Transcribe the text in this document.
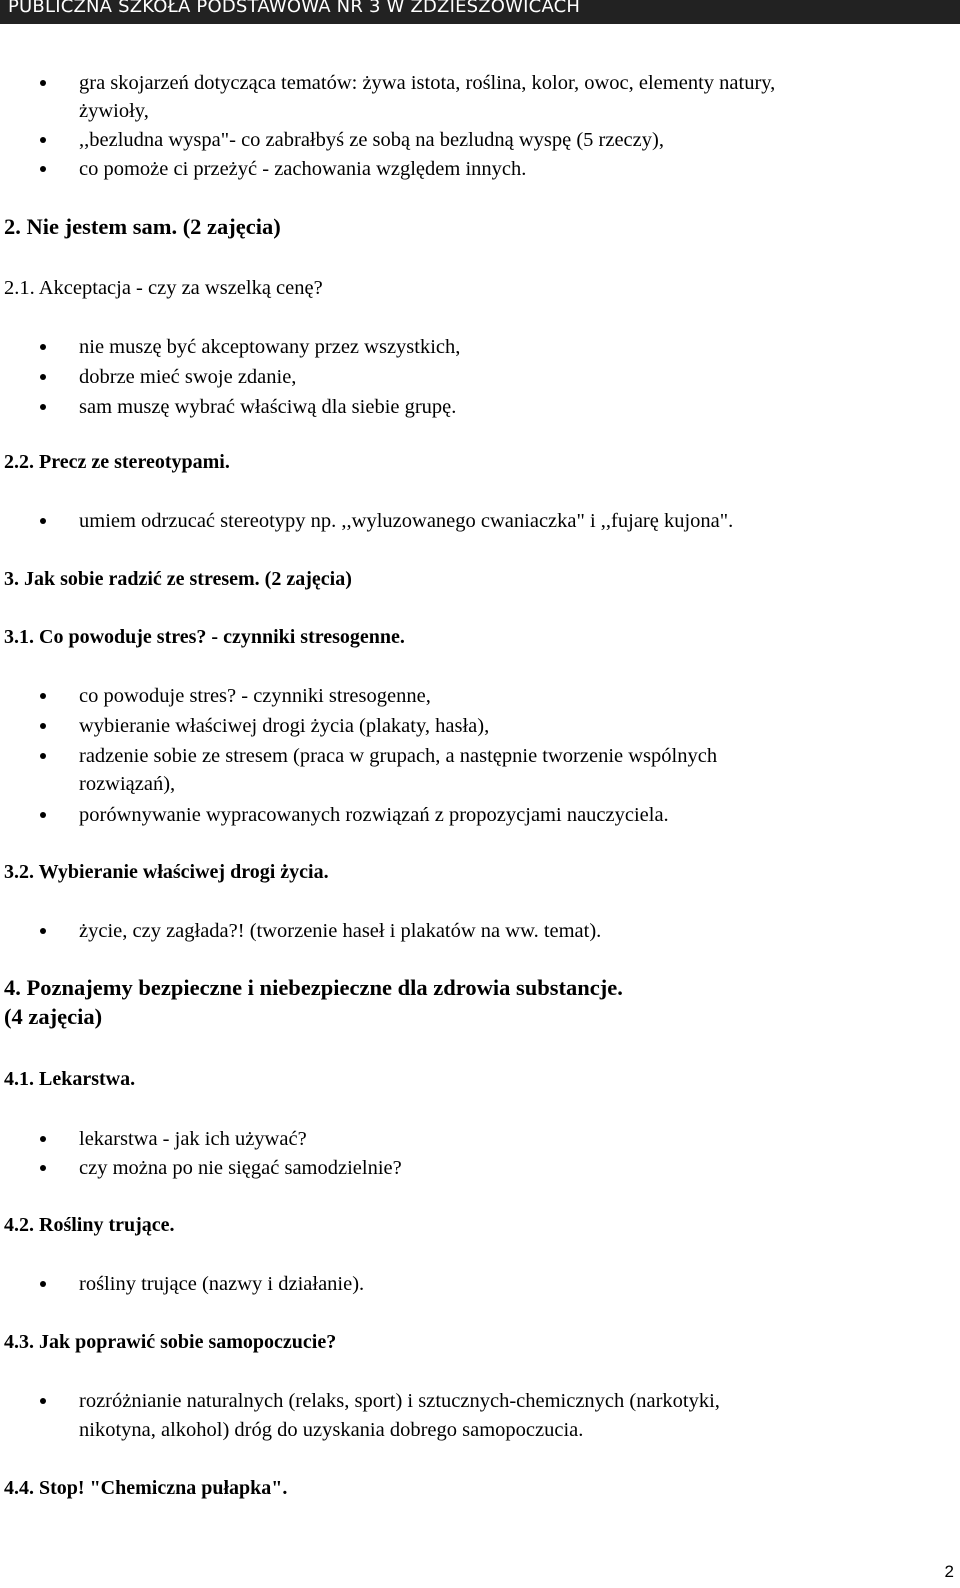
PUBLICZNA SZKOŁA PODSTAWOWA NR 3 W ZDZIESZOWICACH
gra skojarzeń dotycząca tematów: żywa istota, roślina, kolor, owoc, elementy natury,
żywioły,
,,bezludna wyspa"- co zabrałbyś ze sobą na bezludną wyspę (5 rzeczy),
co pomoże ci przeżyć - zachowania względem innych.
2. Nie jestem sam. (2 zajęcia)
2.1. Akceptacja - czy za wszelką cenę?
nie muszę być akceptowany przez wszystkich,
dobrze mieć swoje zdanie,
sam muszę wybrać właściwą dla siebie grupę.
2.2. Precz ze stereotypami.
umiem odrzucać stereotypy np. ,,wyluzowanego cwaniaczka" i ,,fujarę kujona".
3. Jak sobie radzić ze stresem. (2 zajęcia)
3.1. Co powoduje stres? - czynniki stresogenne.
co powoduje stres? - czynniki stresogenne,
wybieranie właściwej drogi życia (plakaty, hasła),
radzenie sobie ze stresem (praca w grupach, a następnie tworzenie wspólnych
rozwiązań),
porównywanie wypracowanych rozwiązań z propozycjami nauczyciela.
3.2. Wybieranie właściwej drogi życia.
życie, czy zagłada?! (tworzenie haseł i plakatów na ww. temat).
4. Poznajemy bezpieczne i niebezpieczne dla zdrowia substancje.
(4 zajęcia)
4.1. Lekarstwa.
lekarstwa - jak ich używać?
czy można po nie sięgać samodzielnie?
4.2. Rośliny trujące.
rośliny trujące (nazwy i działanie).
4.3. Jak poprawić sobie samopoczucie?
rozróżnianie naturalnych (relaks, sport) i sztucznych-chemicznych (narkotyki,
nikotyna, alkohol) dróg do uzyskania dobrego samopoczucia.
4.4. Stop! "Chemiczna pułapka".
2
